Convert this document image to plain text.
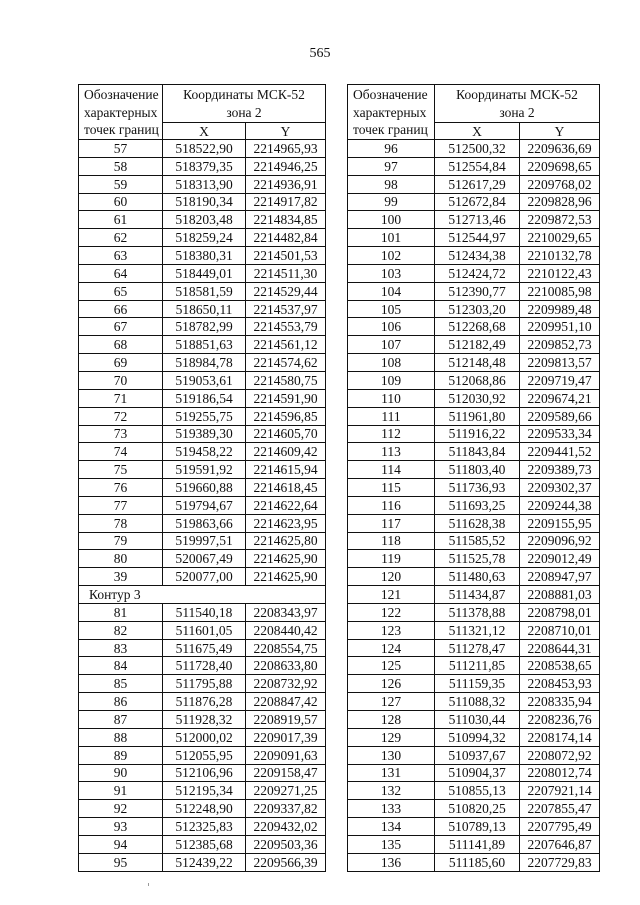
565
Обозначение
характерных
точек границ	Координаты МСК-52
зона 2	
	X	Y
57	518522,90	2214965,93
58	518379,35	2214946,25
59	518313,90	2214936,91
60	518190,34	2214917,82
61	518203,48	2214834,85
62	518259,24	2214482,84
63	518380,31	2214501,53
64	518449,01	2214511,30
65	518581,59	2214529,44
66	518650,11	2214537,97
67	518782,99	2214553,79
68	518851,63	2214561,12
69	518984,78	2214574,62
70	519053,61	2214580,75
71	519186,54	2214591,90
72	519255,75	2214596,85
73	519389,30	2214605,70
74	519458,22	2214609,42
75	519591,92	2214615,94
76	519660,88	2214618,45
77	519794,67	2214622,64
78	519863,66	2214623,95
79	519997,51	2214625,80
80	520067,49	2214625,90
39	520077,00	2214625,90
Контур 3		
81	511540,18	2208343,97
82	511601,05	2208440,42
83	511675,49	2208554,75
84	511728,40	2208633,80
85	511795,88	2208732,92
86	511876,28	2208847,42
87	511928,32	2208919,57
88	512000,02	2209017,39
89	512055,95	2209091,63
90	512106,96	2209158,47
91	512195,34	2209271,25
92	512248,90	2209337,82
93	512325,83	2209432,02
94	512385,68	2209503,36
95	512439,22	2209566,39
Обозначение
характерных
точек границ	Координаты МСК-52
зона 2	
	X	Y
96	512500,32	2209636,69
97	512554,84	2209698,65
98	512617,29	2209768,02
99	512672,84	2209828,96
100	512713,46	2209872,53
101	512544,97	2210029,65
102	512434,38	2210132,78
103	512424,72	2210122,43
104	512390,77	2210085,98
105	512303,20	2209989,48
106	512268,68	2209951,10
107	512182,49	2209852,73
108	512148,48	2209813,57
109	512068,86	2209719,47
110	512030,92	2209674,21
111	511961,80	2209589,66
112	511916,22	2209533,34
113	511843,84	2209441,52
114	511803,40	2209389,73
115	511736,93	2209302,37
116	511693,25	2209244,38
117	511628,38	2209155,95
118	511585,52	2209096,92
119	511525,78	2209012,49
120	511480,63	2208947,97
121	511434,87	2208881,03
122	511378,88	2208798,01
123	511321,12	2208710,01
124	511278,47	2208644,31
125	511211,85	2208538,65
126	511159,35	2208453,93
127	511088,32	2208335,94
128	511030,44	2208236,76
129	510994,32	2208174,14
130	510937,67	2208072,92
131	510904,37	2208012,74
132	510855,13	2207921,14
133	510820,25	2207855,47
134	510789,13	2207795,49
135	511141,89	2207646,87
136	511185,60	2207729,83
